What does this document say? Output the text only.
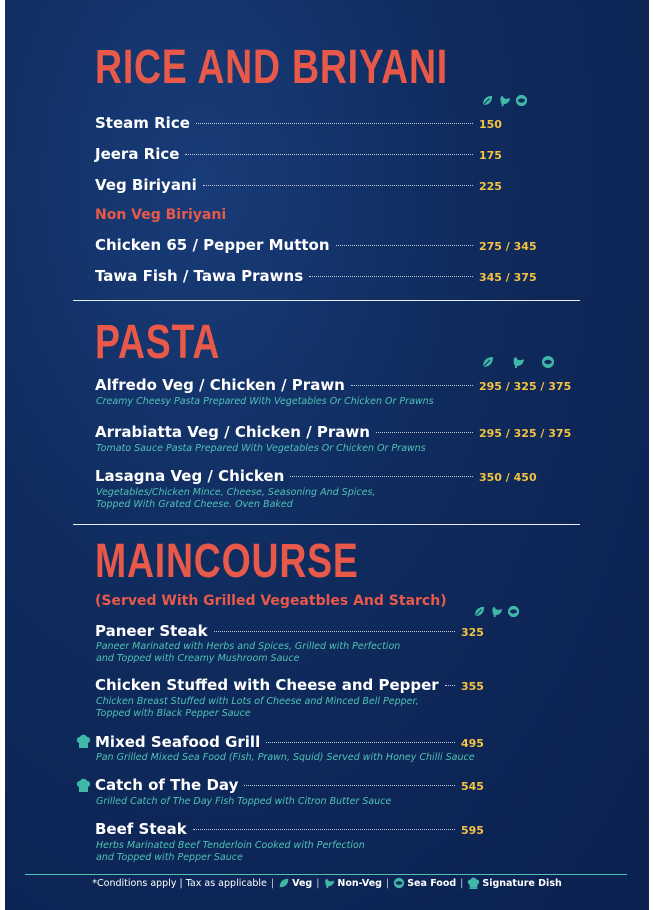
RICE AND BRIYANI
Steam Rice	150
Jeera Rice	175
Veg Biriyani	225
Non Veg Biriyani
Chicken 65 / Pepper Mutton	275 / 345
Tawa Fish / Tawa Prawns	345 / 375
PASTA
Alfredo Veg / Chicken / Prawn	295 / 325 / 375
Creamy Cheesy Pasta Prepared With Vegetables Or Chicken Or Prawns
Arrabiatta Veg / Chicken / Prawn	295 / 325 / 375
Tomato Sauce Pasta Prepared With Vegetables Or Chicken Or Prawns
Lasagna Veg / Chicken	350 / 450
Vegetables/Chicken Mince, Cheese, Seasoning And Spices,
Topped With Grated Cheese. Oven Baked
MAINCOURSE
(Served With Grilled Vegeatbles And Starch)
Paneer Steak	325
Paneer Marinated with Herbs and Spices, Grilled with Perfection
and Topped with Creamy Mushroom Sauce
Chicken Stuffed with Cheese and Pepper 355
Chicken Breast Stuffed with Lots of Cheese and Minced Bell Pepper,
Topped with Black Pepper Sauce
Mixed Seafood Grill	495
Pan Grilled Mixed Sea Food (Fish, Prawn, Squid) Served with Honey Chilli Sauce
Catch of The Day	545
Grilled Catch of The Day Fish Topped with Citron Butter Sauce
Beef Steak	595
Herbs Marinated Beef Tenderloin Cooked with Perfection
and Topped with Pepper Sauce
*Conditions apply | Tax as applicable | Veg | Non-Veg | Sea Food | Signature Dish
